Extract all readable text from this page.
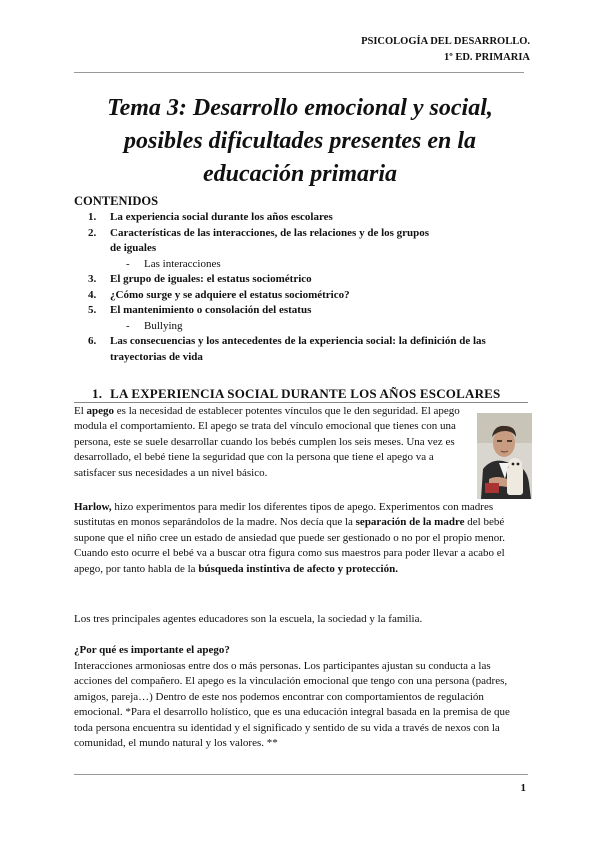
PSICOLOGÍA DEL DESARROLLO.
1º ED. PRIMARIA
Tema 3: Desarrollo emocional y social,
posibles dificultades presentes en la
educación primaria
CONTENIDOS
1. La experiencia social durante los años escolares
2. Características de las interacciones, de las relaciones y de los grupos de iguales
- Las interacciones
3. El grupo de iguales: el estatus sociométrico
4. ¿Cómo surge y se adquiere el estatus sociométrico?
5. El mantenimiento o consolación del estatus
- Bullying
6. Las consecuencias y los antecedentes de la experiencia social: la definición de las trayectorias de vida
1. LA EXPERIENCIA SOCIAL DURANTE LOS AÑOS ESCOLARES
El apego es la necesidad de establecer potentes vínculos que le den seguridad. El apego modula el comportamiento. El apego se trata del vínculo emocional que tienes con una persona, este se suele desarrollar cuando los bebés cumplen los seis meses. Una vez es desarrollado, el bebé tiene la seguridad que con la persona que tiene el apego va a satisfacer sus necesidades a un nivel básico.
Harlow, hizo experimentos para medir los diferentes tipos de apego. Experimentos con madres sustitutas en monos separándolos de la madre. Nos decía que la separación de la madre del bebé supone que el niño cree un estado de ansiedad que puede ser gestionado o no por el propio menor. Cuando esto ocurre el bebé va a buscar otra figura como sus maestros para poder llevar a acabo el apego, por tanto habla de la búsqueda instintiva de afecto y protección.
Los tres principales agentes educadores son la escuela, la sociedad y la familia.
¿Por qué es importante el apego?
Interacciones armoniosas entre dos o más personas. Los participantes ajustan su conducta a las acciones del compañero. El apego es la vinculación emocional que tengo con una persona (padres, amigos, pareja…) Dentro de este nos podemos encontrar con comportamientos de regulación emocional. *Para el desarrollo holístico, que es una educación integral basada en la premisa de que toda persona encuentra su identidad y el significado y sentido de su vida a través de nexos con la comunidad, el mundo natural y los valores. **
1
